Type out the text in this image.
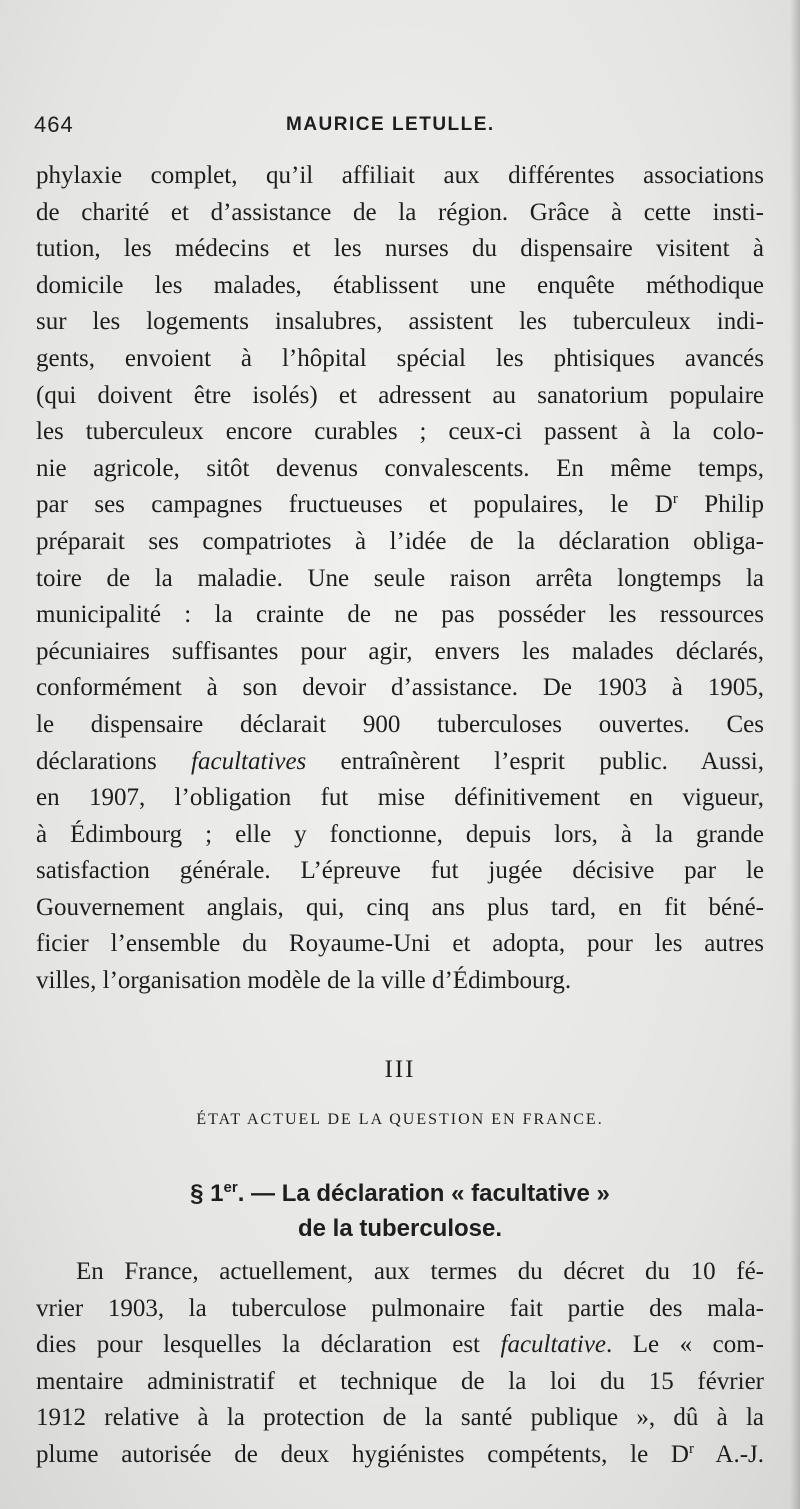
464	MAURICE LETULLE.
phylaxie complet, qu’il affiliait aux différentes associations
de charité et d’assistance de la région. Grâce à cette insti-
tution, les médecins et les nurses du dispensaire visitent à
domicile les malades, établissent une enquête méthodique
sur les logements insalubres, assistent les tuberculeux indi-
gents, envoient à l’hôpital spécial les phtisiques avancés
(qui doivent être isolés) et adressent au sanatorium populaire
les tuberculeux encore curables ; ceux-ci passent à la colo-
nie agricole, sitôt devenus convalescents. En même temps,
par ses campagnes fructueuses et populaires, le $D^r$ Philip
préparait ses compatriotes à l’idée de la déclaration obliga-
toire de la maladie. Une seule raison arrêta longtemps la
municipalité : la crainte de ne pas posséder les ressources
pécuniaires suffisantes pour agir, envers les malades déclarés,
conformément à son devoir d’assistance. De 1903 à 1905,
le dispensaire déclarait 900 tuberculoses ouvertes. Ces
déclarations facultatives entraînèrent l’esprit public. Aussi,
en 1907, l’obligation fut mise définitivement en vigueur,
à Édimbourg ; elle y fonctionne, depuis lors, à la grande
satisfaction générale. L’épreuve fut jugée décisive par le
Gouvernement anglais, qui, cinq ans plus tard, en fit béné-
ficier l’ensemble du Royaume-Uni et adopta, pour les autres
villes, l’organisation modèle de la ville d’Édimbourg.
III
ÉTAT ACTUEL DE LA QUESTION EN FRANCE.
§ 1er. — La déclaration « facultative »
de la tuberculose.
En France, actuellement, aux termes du décret du 10 fé-
vrier 1903, la tuberculose pulmonaire fait partie des mala-
dies pour lesquelles la déclaration est facultative. Le « com-
mentaire administratif et technique de la loi du 15 février
1912 relative à la protection de la santé publique », dû à la
plume autorisée de deux hygiénistes compétents, le $D^r$ A.-J.
